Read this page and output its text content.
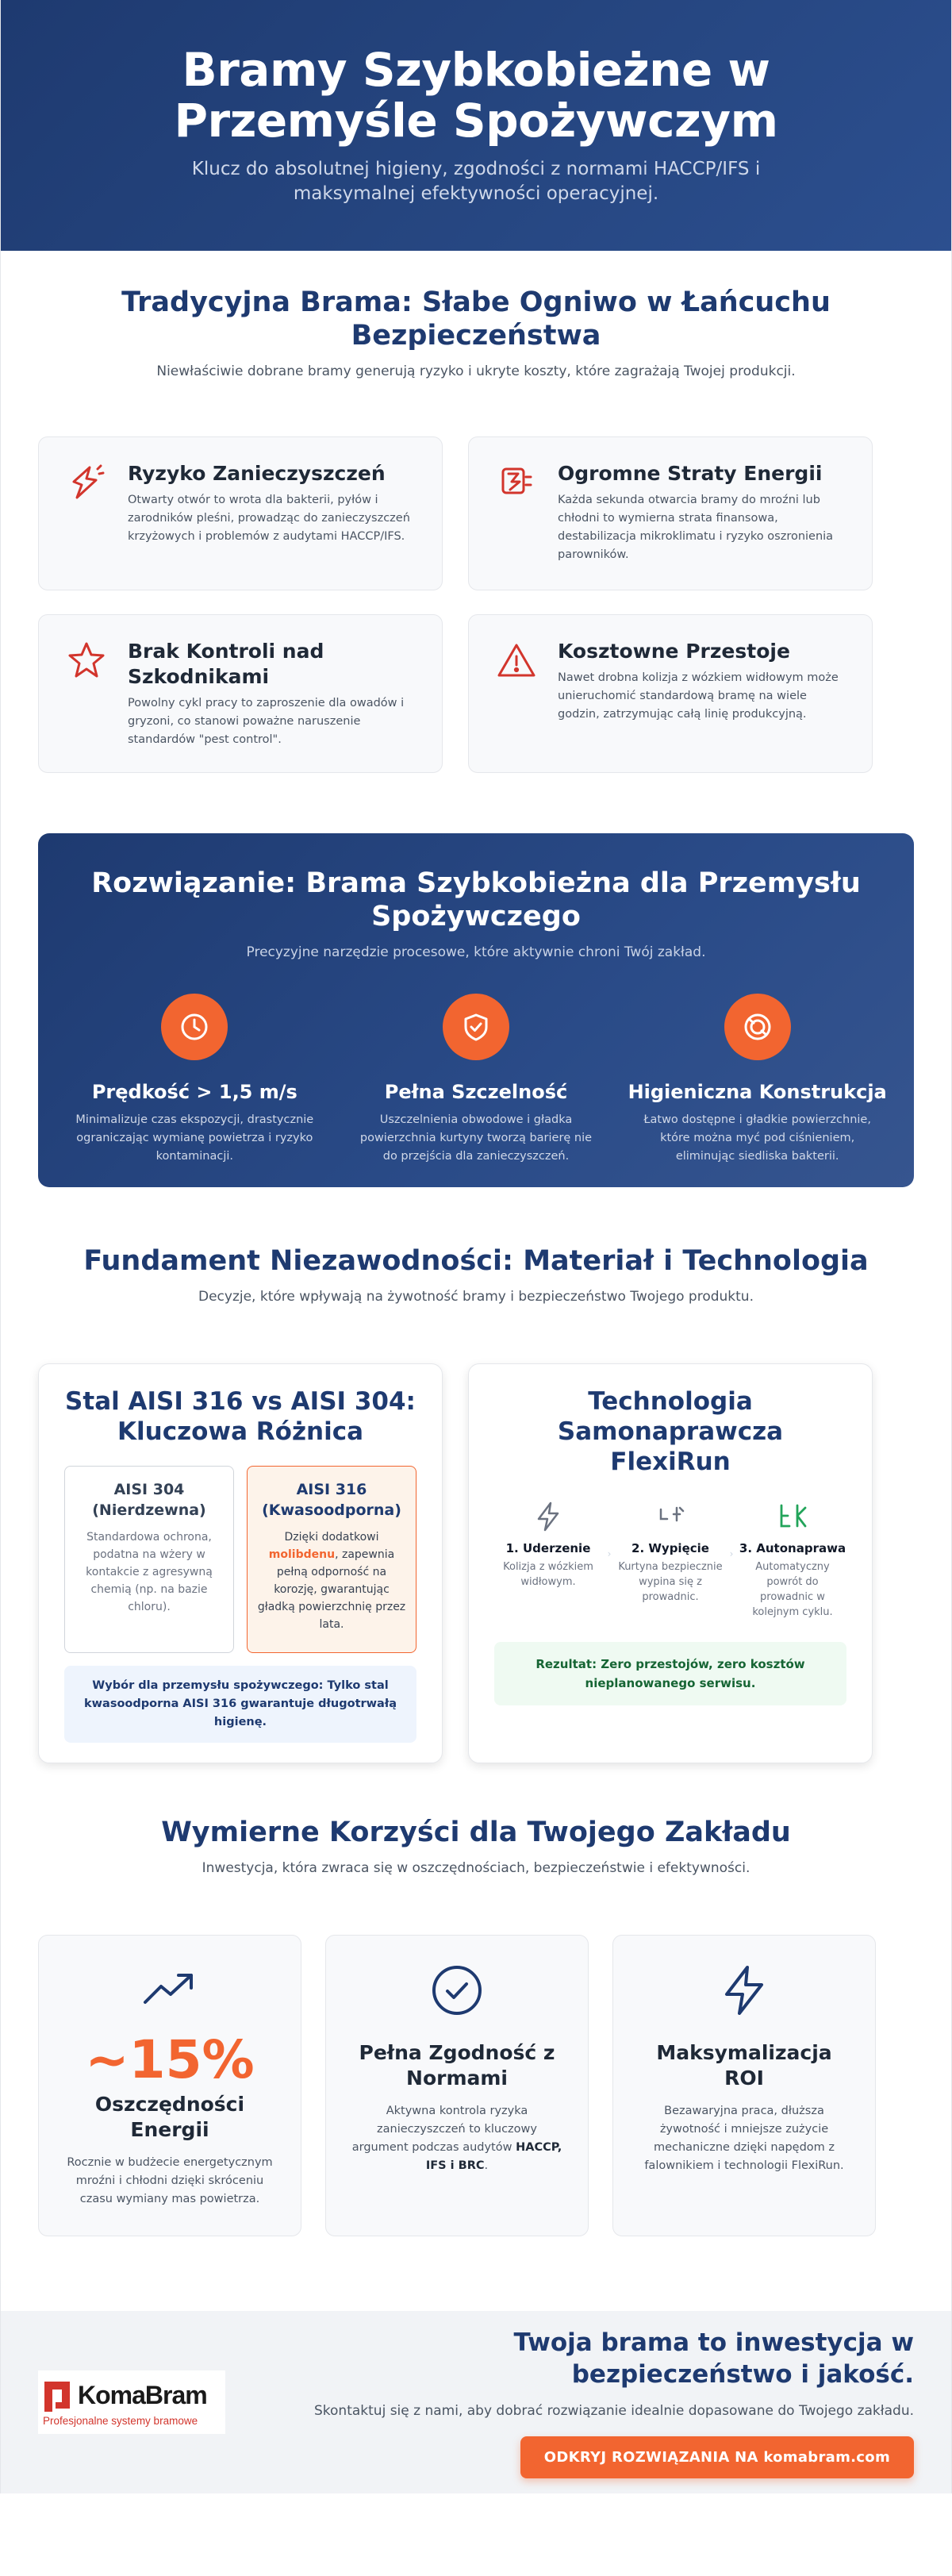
Bramy Szybkobieżne w Przemyśle Spożywczym

Klucz do absolutnej higieny, zgodności z normami HACCP/IFS i maksymalnej efektywności operacyjnej.

Tradycyjna Brama: Słabe Ogniwo w Łańcuchu Bezpieczeństwa

Niewłaściwie dobrane bramy generują ryzyko i ukryte koszty, które zagrażają Twojej produkcji.

Ryzyko Zanieczyszczeń

Otwarty otwór to wrota dla bakterii, pyłów i zarodników pleśni, prowadząc do zanieczyszczeń krzyżowych i problemów z audytami HACCP/IFS.

Ogromne Straty Energii

Każda sekunda otwarcia bramy do mroźni lub chłodni to wymierna strata finansowa, destabilizacja mikroklimatu i ryzyko oszronienia parowników.

Brak Kontroli nad Szkodnikami

Powolny cykl pracy to zaproszenie dla owadów i gryzoni, co stanowi poważne naruszenie standardów "pest control".

Kosztowne Przestoje

Nawet drobna kolizja z wózkiem widłowym może unieruchomić standardową bramę na wiele godzin, zatrzymując całą linię produkcyjną.

Rozwiązanie: Brama Szybkobieżna dla Przemysłu Spożywczego

Precyzyjne narzędzie procesowe, które aktywnie chroni Twój zakład.

Prędkość > 1,5 m/s

Minimalizuje czas ekspozycji, drastycznie ograniczając wymianę powietrza i ryzyko kontaminacji.

Pełna Szczelność

Uszczelnienia obwodowe i gładka powierzchnia kurtyny tworzą barierę nie do przejścia dla zanieczyszczeń.

Higieniczna Konstrukcja

Łatwo dostępne i gładkie powierzchnie, które można myć pod ciśnieniem, eliminując siedliska bakterii.

Fundament Niezawodności: Materiał i Technologia

Decyzje, które wpływają na żywotność bramy i bezpieczeństwo Twojego produktu.

Stal AISI 316 vs AISI 304: Kluczowa Różnica
AISI 304 (Nierdzewna)

Standardowa ochrona, podatna na wżery w kontakcie z agresywną chemią (np. na bazie chloru).

AISI 316 (Kwasoodporna)

Dzięki dodatkowi molibdenu, zapewnia pełną odporność na korozję, gwarantując gładką powierzchnię przez lata.

Wybór dla przemysłu spożywczego: Tylko stal kwasoodporna AISI 316 gwarantuje długotrwałą higienę.
Technologia Samonaprawcza FlexiRun
1. Uderzenie

Kolizja z wózkiem widłowym.

›	2. Wypięcie

Kurtyna bezpiecznie wypina się z prowadnic.

› 3. Autonaprawa

Automatyczny powrót do prowadnic w kolejnym cyklu.

Rezultat: Zero przestojów, zero kosztów nieplanowanego serwisu.
Wymierne Korzyści dla Twojego Zakładu

Inwestycja, która zwraca się w oszczędnościach, bezpieczeństwie i efektywności.

~15%
Oszczędności Energii

Rocznie w budżecie energetycznym mroźni i chłodni dzięki skróceniu czasu wymiany mas powietrza.

Pełna Zgodność z Normami

Aktywna kontrola ryzyka zanieczyszczeń to kluczowy argument podczas audytów HACCP, IFS i BRC.

Maksymalizacja ROI

Bezawaryjna praca, dłuższa żywotność i mniejsze zużycie mechaniczne dzięki napędom z falownikiem i technologii FlexiRun.

KomaBram
Profesjonalne systemy bramowe
Twoja brama to inwestycja w bezpieczeństwo i jakość.

Skontaktuj się z nami, aby dobrać rozwiązanie idealnie dopasowane do Twojego zakładu.

ODKRYJ ROZWIĄZANIA NA komabram.com
